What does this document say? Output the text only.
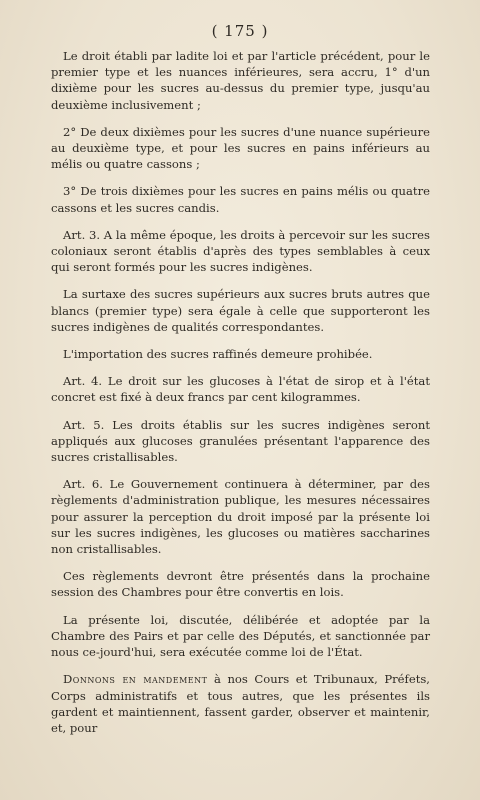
( 175 )

Le droit établi par ladite loi et par l'article précédent, pour le premier type et les nuances inférieures, sera accru, 1° d'un dixième pour les sucres au-dessus du premier type, jusqu'au deuxième inclusivement ;

2° De deux dixièmes pour les sucres d'une nuance supérieure au deuxième type, et pour les sucres en pains inférieurs au mélis ou quatre cassons ;

3° De trois dixièmes pour les sucres en pains mélis ou quatre cassons et les sucres candis.

Art. 3. A la même époque, les droits à percevoir sur les sucres coloniaux seront établis d'après des types semblables à ceux qui seront formés pour les sucres indigènes.

La surtaxe des sucres supérieurs aux sucres bruts autres que blancs (premier type) sera égale à celle que supporteront les sucres indigènes de qualités correspondantes.

L'importation des sucres raffinés demeure prohibée.

Art. 4. Le droit sur les glucoses à l'état de sirop et à l'état concret est fixé à deux francs par cent kilogrammes.

Art. 5. Les droits établis sur les sucres indigènes seront appliqués aux glucoses granulées présentant l'apparence des sucres cristallisables.

Art. 6. Le Gouvernement continuera à déterminer, par des règlements d'administration publique, les mesures nécessaires pour assurer la perception du droit imposé par la présente loi sur les sucres indigènes, les glucoses ou matières saccharines non cristallisables.

Ces règlements devront être présentés dans la prochaine session des Chambres pour être convertis en lois.

La présente loi, discutée, délibérée et adoptée par la Chambre des Pairs et par celle des Députés, et sanctionnée par nous ce-jourd'hui, sera exécutée comme loi de l'État.

Donnons en mandement à nos Cours et Tribunaux, Préfets, Corps administratifs et tous autres, que les présentes ils gardent et maintiennent, fassent garder, observer et maintenir, et, pour
